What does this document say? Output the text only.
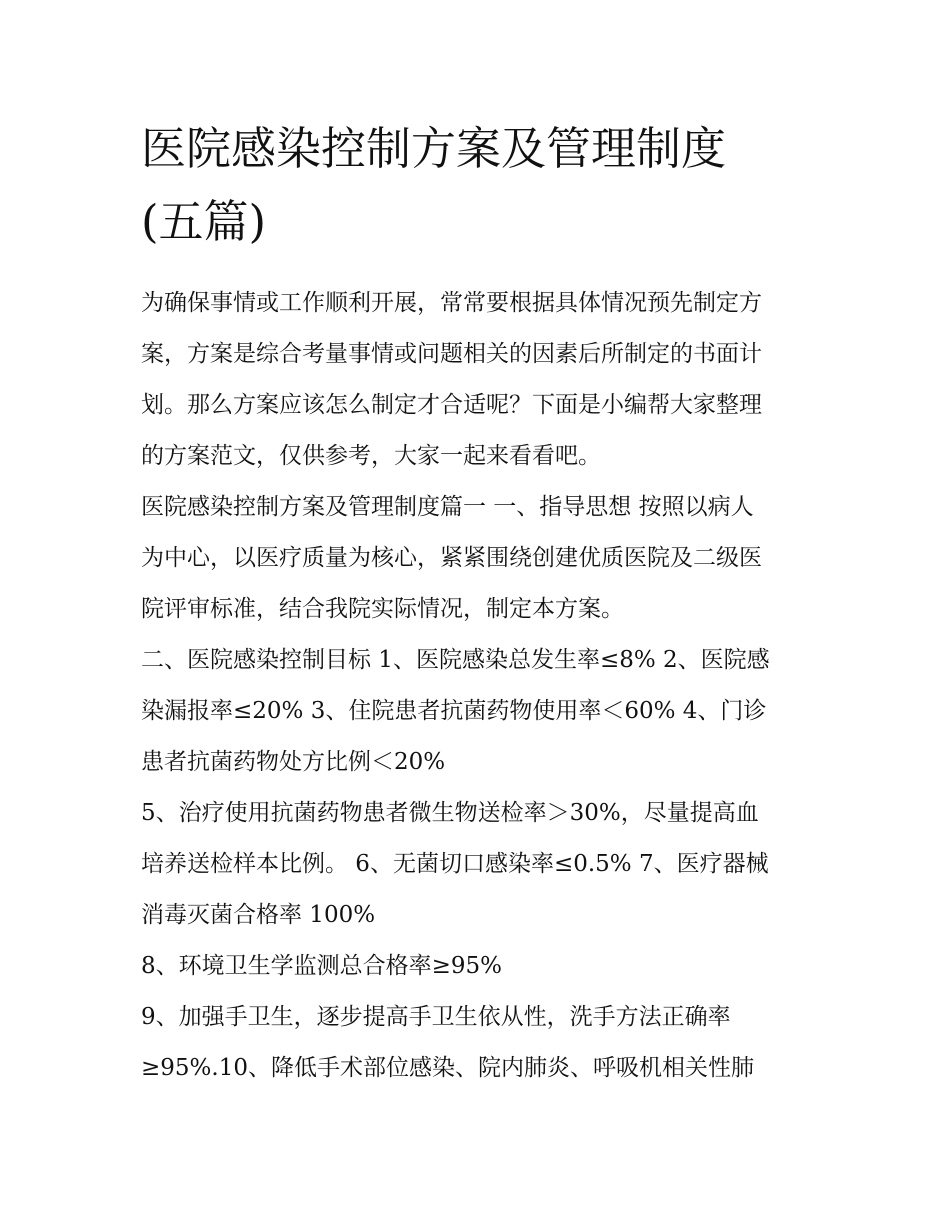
医院感染控制方案及管理制度
(五篇)
为确保事情或工作顺利开展，常常要根据具体情况预先制定方
案，方案是综合考量事情或问题相关的因素后所制定的书面计
划。那么方案应该怎么制定才合适呢？下面是小编帮大家整理
的方案范文，仅供参考，大家一起来看看吧。
医院感染控制方案及管理制度篇一 一、指导思想 按照以病人
为中心，以医疗质量为核心，紧紧围绕创建优质医院及二级医
院评审标准，结合我院实际情况，制定本方案。
二、医院感染控制目标 1、医院感染总发生率≤8% 2、医院感
染漏报率≤20% 3、住院患者抗菌药物使用率＜60% 4、门诊
患者抗菌药物处方比例＜20%
5、治疗使用抗菌药物患者微生物送检率＞30%，尽量提高血
培养送检样本比例。 6、无菌切口感染率≤0.5% 7、医疗器械
消毒灭菌合格率 100%
8、环境卫生学监测总合格率≥95%
9、加强手卫生，逐步提高手卫生依从性，洗手方法正确率
≥95%.10、降低手术部位感染、院内肺炎、呼吸机相关性肺
